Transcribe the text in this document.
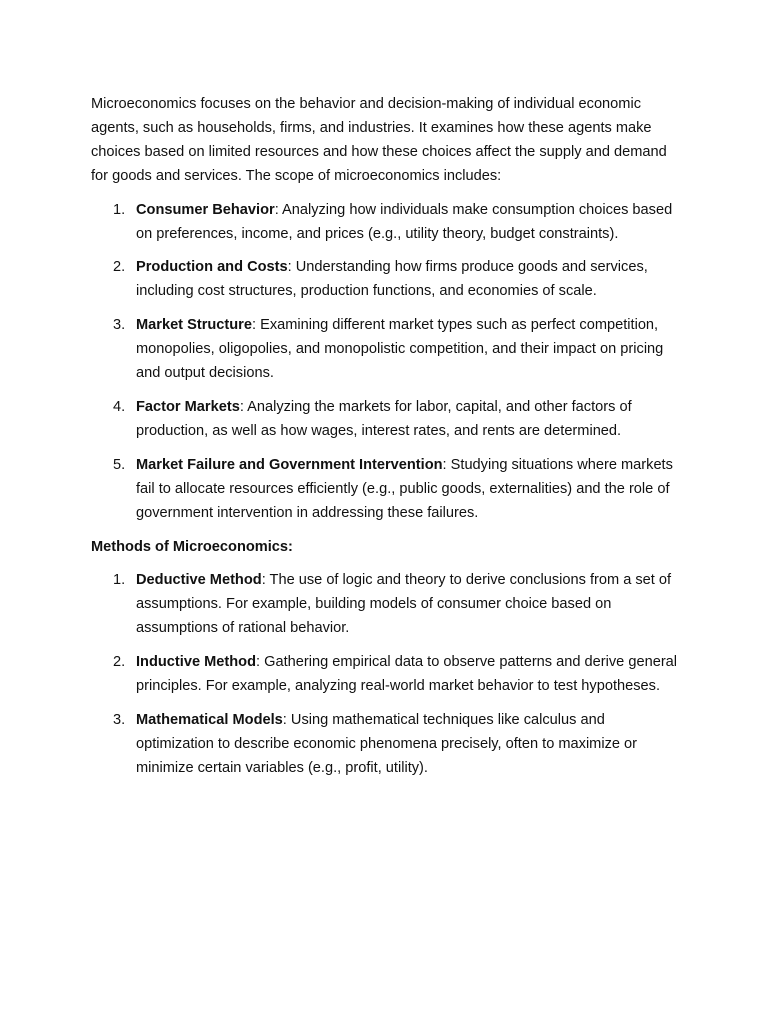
Microeconomics focuses on the behavior and decision-making of individual economic agents, such as households, firms, and industries. It examines how these agents make choices based on limited resources and how these choices affect the supply and demand for goods and services. The scope of microeconomics includes:

1. Consumer Behavior: Analyzing how individuals make consumption choices based on preferences, income, and prices (e.g., utility theory, budget constraints).
2. Production and Costs: Understanding how firms produce goods and services, including cost structures, production functions, and economies of scale.
3. Market Structure: Examining different market types such as perfect competition, monopolies, oligopolies, and monopolistic competition, and their impact on pricing and output decisions.
4. Factor Markets: Analyzing the markets for labor, capital, and other factors of production, as well as how wages, interest rates, and rents are determined.
5. Market Failure and Government Intervention: Studying situations where markets fail to allocate resources efficiently (e.g., public goods, externalities) and the role of government intervention in addressing these failures.

Methods of Microeconomics:

1. Deductive Method: The use of logic and theory to derive conclusions from a set of assumptions. For example, building models of consumer choice based on assumptions of rational behavior.
2. Inductive Method: Gathering empirical data to observe patterns and derive general principles. For example, analyzing real-world market behavior to test hypotheses.
3. Mathematical Models: Using mathematical techniques like calculus and optimization to describe economic phenomena precisely, often to maximize or minimize certain variables (e.g., profit, utility).
